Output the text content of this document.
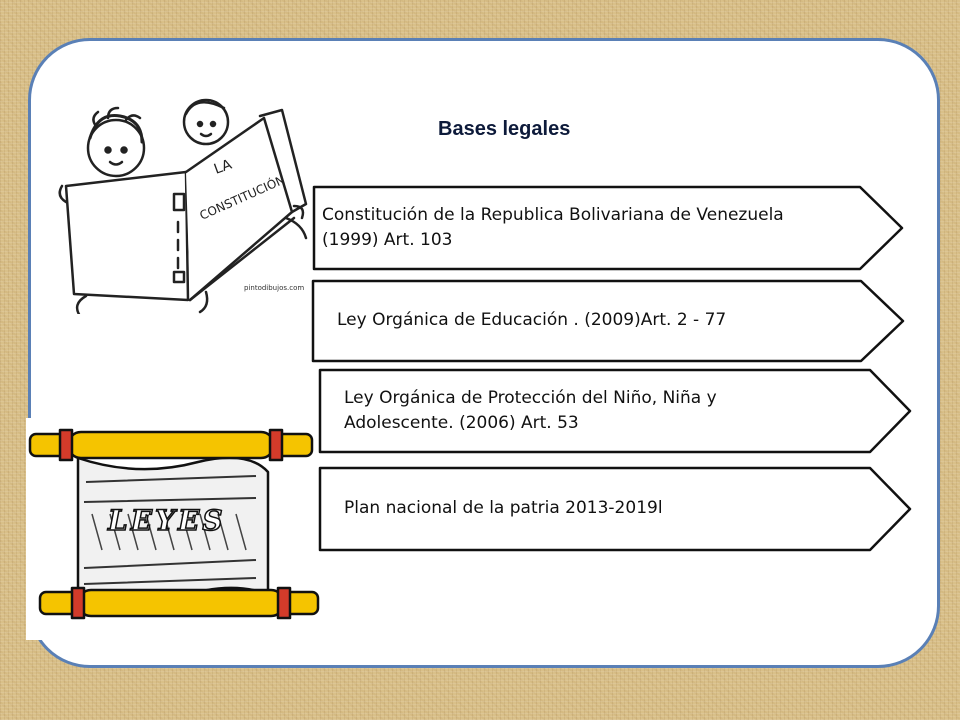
Bases legales
LA
CONSTITUCIÓN
pintodibujos.com
LEYES
Constitución de la Republica Bolivariana de Venezuela
(1999) Art. 103
Ley Orgánica de Educación . (2009)Art. 2 - 77
Ley Orgánica de Protección del Niño, Niña y
Adolescente. (2006) Art. 53
Plan nacional de la patria 2013-2019l
